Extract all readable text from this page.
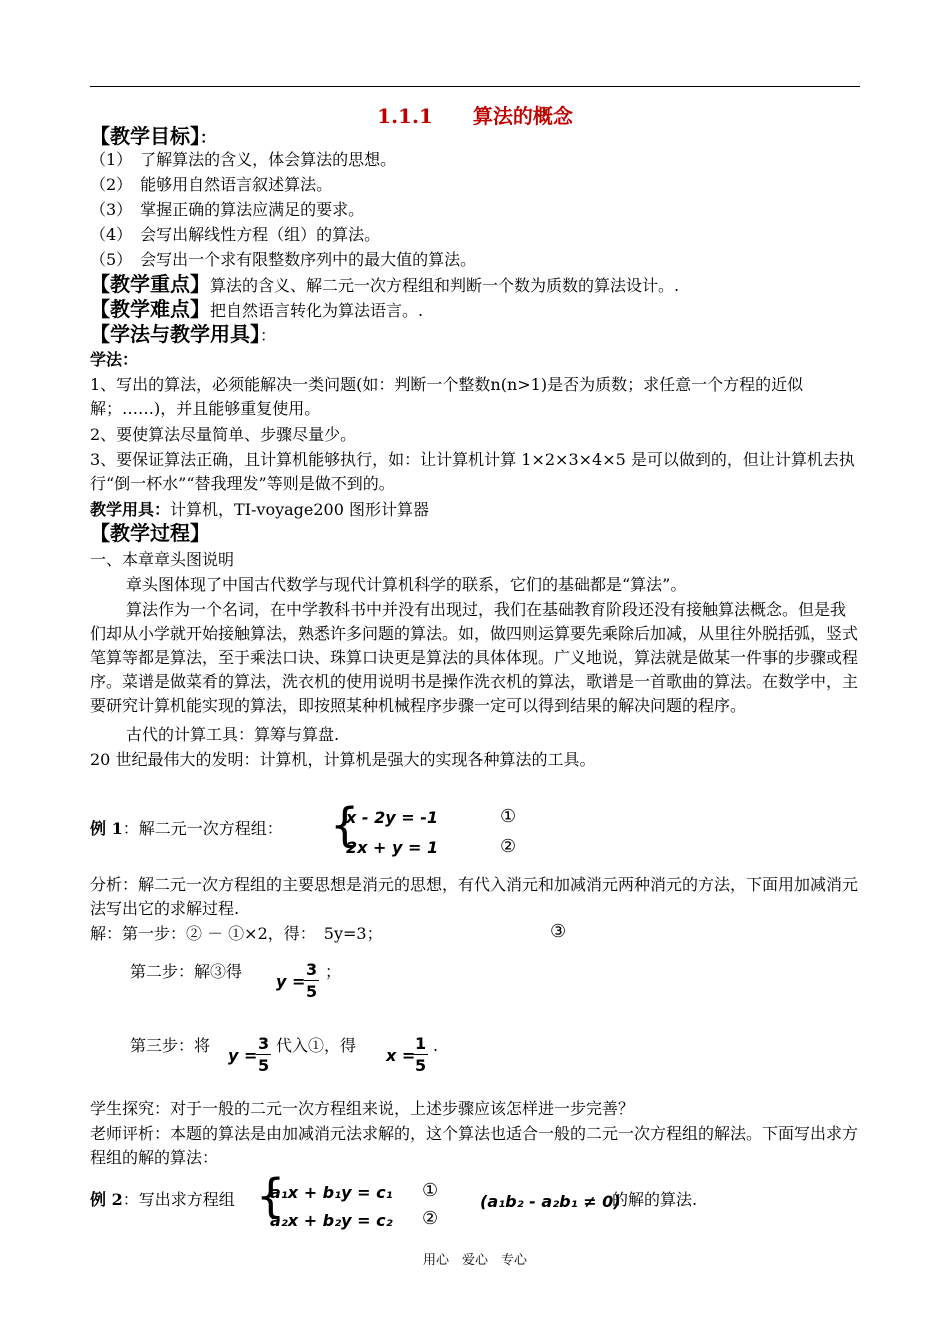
1.1.1 算法的概念
【教学目标】：
（1）　了解算法的含义，体会算法的思想。
（2）　能够用自然语言叙述算法。
（3）　掌握正确的算法应满足的要求。
（4）　会写出解线性方程（组）的算法。
（5）　会写出一个求有限整数序列中的最大值的算法。
【教学重点】算法的含义、解二元一次方程组和判断一个数为质数的算法设计。.
【教学难点】把自然语言转化为算法语言。.
【学法与教学用具】：
学法：
1、写出的算法，必须能解决一类问题(如：判断一个整数n(n>1)是否为质数；求任意一个方程的近似解；……)，并且能够重复使用。
2、要使算法尽量简单、步骤尽量少。
3、要保证算法正确，且计算机能够执行，如：让计算机计算 1×2×3×4×5 是可以做到的，但让计算机去执行“倒一杯水”“替我理发”等则是做不到的。
教学用具：计算机，TI-voyage200 图形计算器
【教学过程】
一、本章章头图说明
章头图体现了中国古代数学与现代计算机科学的联系，它们的基础都是“算法”。
算法作为一个名词，在中学教科书中并没有出现过，我们在基础教育阶段还没有接触算法概念。但是我们却从小学就开始接触算法，熟悉许多问题的算法。如，做四则运算要先乘除后加减，从里往外脱括弧，竖式笔算等都是算法，至于乘法口诀、珠算口诀更是算法的具体体现。广义地说，算法就是做某一件事的步骤或程序。菜谱是做菜肴的算法，洗衣机的使用说明书是操作洗衣机的算法，歌谱是一首歌曲的算法。在数学中，主要研究计算机能实现的算法，即按照某种机械程序步骤一定可以得到结果的解决问题的程序。
古代的计算工具：算筹与算盘.
20 世纪最伟大的发明：计算机，计算机是强大的实现各种算法的工具。
例 1：解二元一次方程组：	{
x - 2y = -1
2x + y = 1
①
②
分析：解二元一次方程组的主要思想是消元的思想，有代入消元和加减消元两种消元的方法，下面用加减消元法写出它的求解过程.
解：第一步：② － ①×2，得：　5y=3；	③
第二步：解③得
y =
$\frac{3}{5}$ ；
第三步：将
y =
$\frac{3}{5}$ 代入①，得
x =
$\frac{1}{5}$ .
学生探究：对于一般的二元一次方程组来说，上述步骤应该怎样进一步完善？
老师评析：本题的算法是由加减消元法求解的，这个算法也适合一般的二元一次方程组的解法。下面写出求方程组的解的算法：
例 2：写出求方程组 {
a₁x + b₁y = c₁
a₂x + b₂y = c₂
①
②
(a₁b₂ - a₂b₁ ≠ 0)
的解的算法.
用心　爱心　专心
